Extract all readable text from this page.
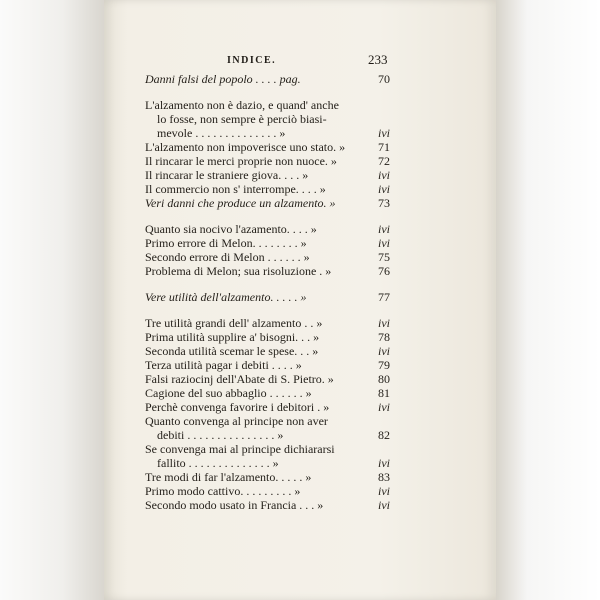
INDICE.	233
Danni falsi del popolo . . . . pag.	70
L'alzamento non è dazio, e quand' anche
lo fosse, non sempre è perciò biasi-
mevole . . . . . . . . . . . . . . »	ivi
L'alzamento non impoverisce uno stato. »	71
Il rincarar le merci proprie non nuoce. »	72
Il rincarar le straniere giova. . . . »	ivi
Il commercio non s' interrompe. . . . »	ivi
Veri danni che produce un alzamento. »	73
Quanto sia nocivo l'azamento. . . . »	ivi
Primo errore di Melon. . . . . . . . »	ivi
Secondo errore di Melon . . . . . . »	75
Problema di Melon; sua risoluzione . »	76
Vere utilità dell'alzamento. . . . . »	77
Tre utilità grandi dell' alzamento . . »	ivi
Prima utilità supplire a' bisogni. . . »	78
Seconda utilità scemar le spese. . . »	ivi
Terza utilità pagar i debiti . . . . »	79
Falsi raziocinj dell'Abate di S. Pietro. »	80
Cagione del suo abbaglio . . . . . . »	81
Perchè convenga favorire i debitori . »	ivi
Quanto convenga al principe non aver
debiti . . . . . . . . . . . . . . . »	82
Se convenga mai al principe dichiararsi
fallito . . . . . . . . . . . . . . »	ivi
Tre modi di far l'alzamento. . . . . »	83
Primo modo cattivo. . . . . . . . . »	ivi
Secondo modo usato in Francia . . . »	ivi
